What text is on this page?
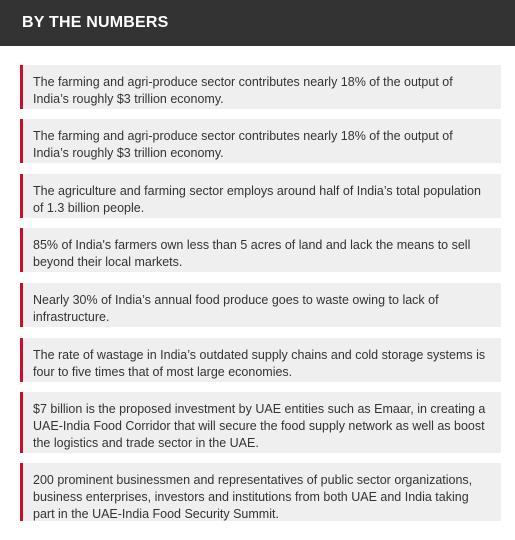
BY THE NUMBERS
The farming and agri-produce sector contributes nearly 18% of the output of India’s roughly $3 trillion economy.
The farming and agri-produce sector contributes nearly 18% of the output of India’s roughly $3 trillion economy.
The agriculture and farming sector employs around half of India’s total population of 1.3 billion people.
85% of India's farmers own less than 5 acres of land and lack the means to sell beyond their local markets.
Nearly 30% of India’s annual food produce goes to waste owing to lack of infrastructure.
The rate of wastage in India’s outdated supply chains and cold storage systems is four to five times that of most large economies.
$7 billion is the proposed investment by UAE entities such as Emaar, in creating a UAE-India Food Corridor that will secure the food supply network as well as boost the logistics and trade sector in the UAE.
200 prominent businessmen and representatives of public sector organizations, business enterprises, investors and institutions from both UAE and India taking part in the UAE-India Food Security Summit.
